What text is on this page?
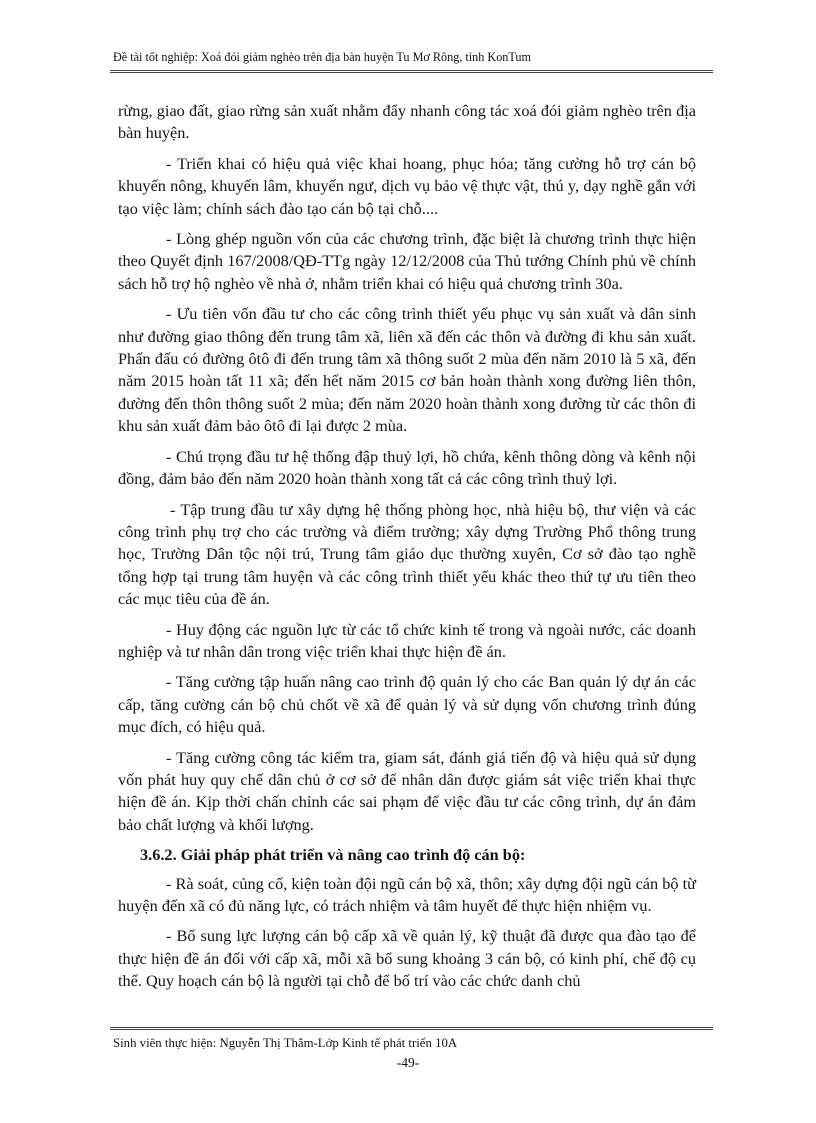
Đề tài tốt nghiệp: Xoá đói giảm nghèo trên địa bàn huyện Tu Mơ Rông, tỉnh KonTum

rừng, giao đất, giao rừng sản xuất nhằm đẩy nhanh công tác xoá đói giảm nghèo trên địa bàn huyện.

- Triển khai có hiệu quả việc khai hoang, phục hóa; tăng cường hỗ trợ cán bộ khuyến nông, khuyến lâm, khuyến ngư, dịch vụ bảo vệ thực vật, thú y, dạy nghề gắn với tạo việc làm; chính sách đào tạo cán bộ tại chỗ....

- Lòng ghép nguồn vốn của các chương trình, đặc biệt là chương trình thực hiện theo Quyết định 167/2008/QĐ-TTg ngày 12/12/2008 của Thủ tướng Chính phủ về chính sách hỗ trợ hộ nghèo về nhà ở, nhằm triển khai có hiệu quả chương trình 30a.

- Ưu tiên vốn đầu tư cho các công trình thiết yếu phục vụ sản xuất và dân sinh như đường giao thông đến trung tâm xã, liên xã đến các thôn và đường đi khu sản xuất. Phấn đấu có đường ôtô đi đến trung tâm xã thông suốt 2 mùa đến năm 2010 là 5 xã, đến năm 2015 hoàn tất 11 xã; đến hết năm 2015 cơ bản hoàn thành xong đường liên thôn, đường đến thôn thông suốt 2 mùa; đến năm 2020 hoàn thành xong đường từ các thôn đi khu sản xuất đảm bảo ôtô đi lại được 2 mùa.

- Chú trọng đầu tư hệ thống đập thuỷ lợi, hồ chứa, kênh thông dòng và kênh nội đồng, đảm bảo đến năm 2020 hoàn thành xong tất cả các công trình thuỷ lợi.

- Tập trung đầu tư xây dựng hệ thống phòng học, nhà hiệu bộ, thư viện và các công trình phụ trợ cho các trường và điểm trường; xây dựng Trường Phổ thông trung học, Trường Dân tộc nội trú, Trung tâm giáo dục thường xuyên, Cơ sở đào tạo nghề tổng hợp tại trung tâm huyện và các công trình thiết yếu khác theo thứ tự ưu tiên theo các mục tiêu của đề án.

- Huy động các nguồn lực từ các tổ chức kinh tế trong và ngoài nước, các doanh nghiệp và tư nhân dân trong việc triển khai thực hiện đề án.

- Tăng cường tập huấn nâng cao trình độ quản lý cho các Ban quản lý dự án các cấp, tăng cường cán bộ chủ chốt về xã để quản lý và sử dụng vốn chương trình đúng mục đích, có hiệu quả.

- Tăng cường công tác kiểm tra, giam sát, đánh giá tiến độ và hiệu quả sử dụng vốn phát huy quy chế dân chủ ở cơ sở để nhân dân được giám sát việc triển khai thực hiện đề án. Kịp thời chấn chỉnh các sai phạm để việc đầu tư các công trình, dự án đảm bảo chất lượng và khối lượng.

3.6.2. Giải pháp phát triển và nâng cao trình độ cán bộ:

- Rà soát, củng cố, kiện toàn đội ngũ cán bộ xã, thôn; xây dựng đội ngũ cán bộ từ huyện đến xã có đủ năng lực, có trách nhiệm và tâm huyết để thực hiện nhiệm vụ.

- Bổ sung lực lượng cán bộ cấp xã về quản lý, kỹ thuật đã được qua đào tạo để thực hiện đề án đối với cấp xã, mỗi xã bổ sung khoảng 3 cán bộ, có kinh phí, chế độ cụ thể. Quy hoạch cán bộ là người tại chỗ để bố trí vào các chức danh chủ

Sinh viên thực hiện: Nguyễn Thị Thắm-Lớp Kinh tế phát triển 10A
-49-
